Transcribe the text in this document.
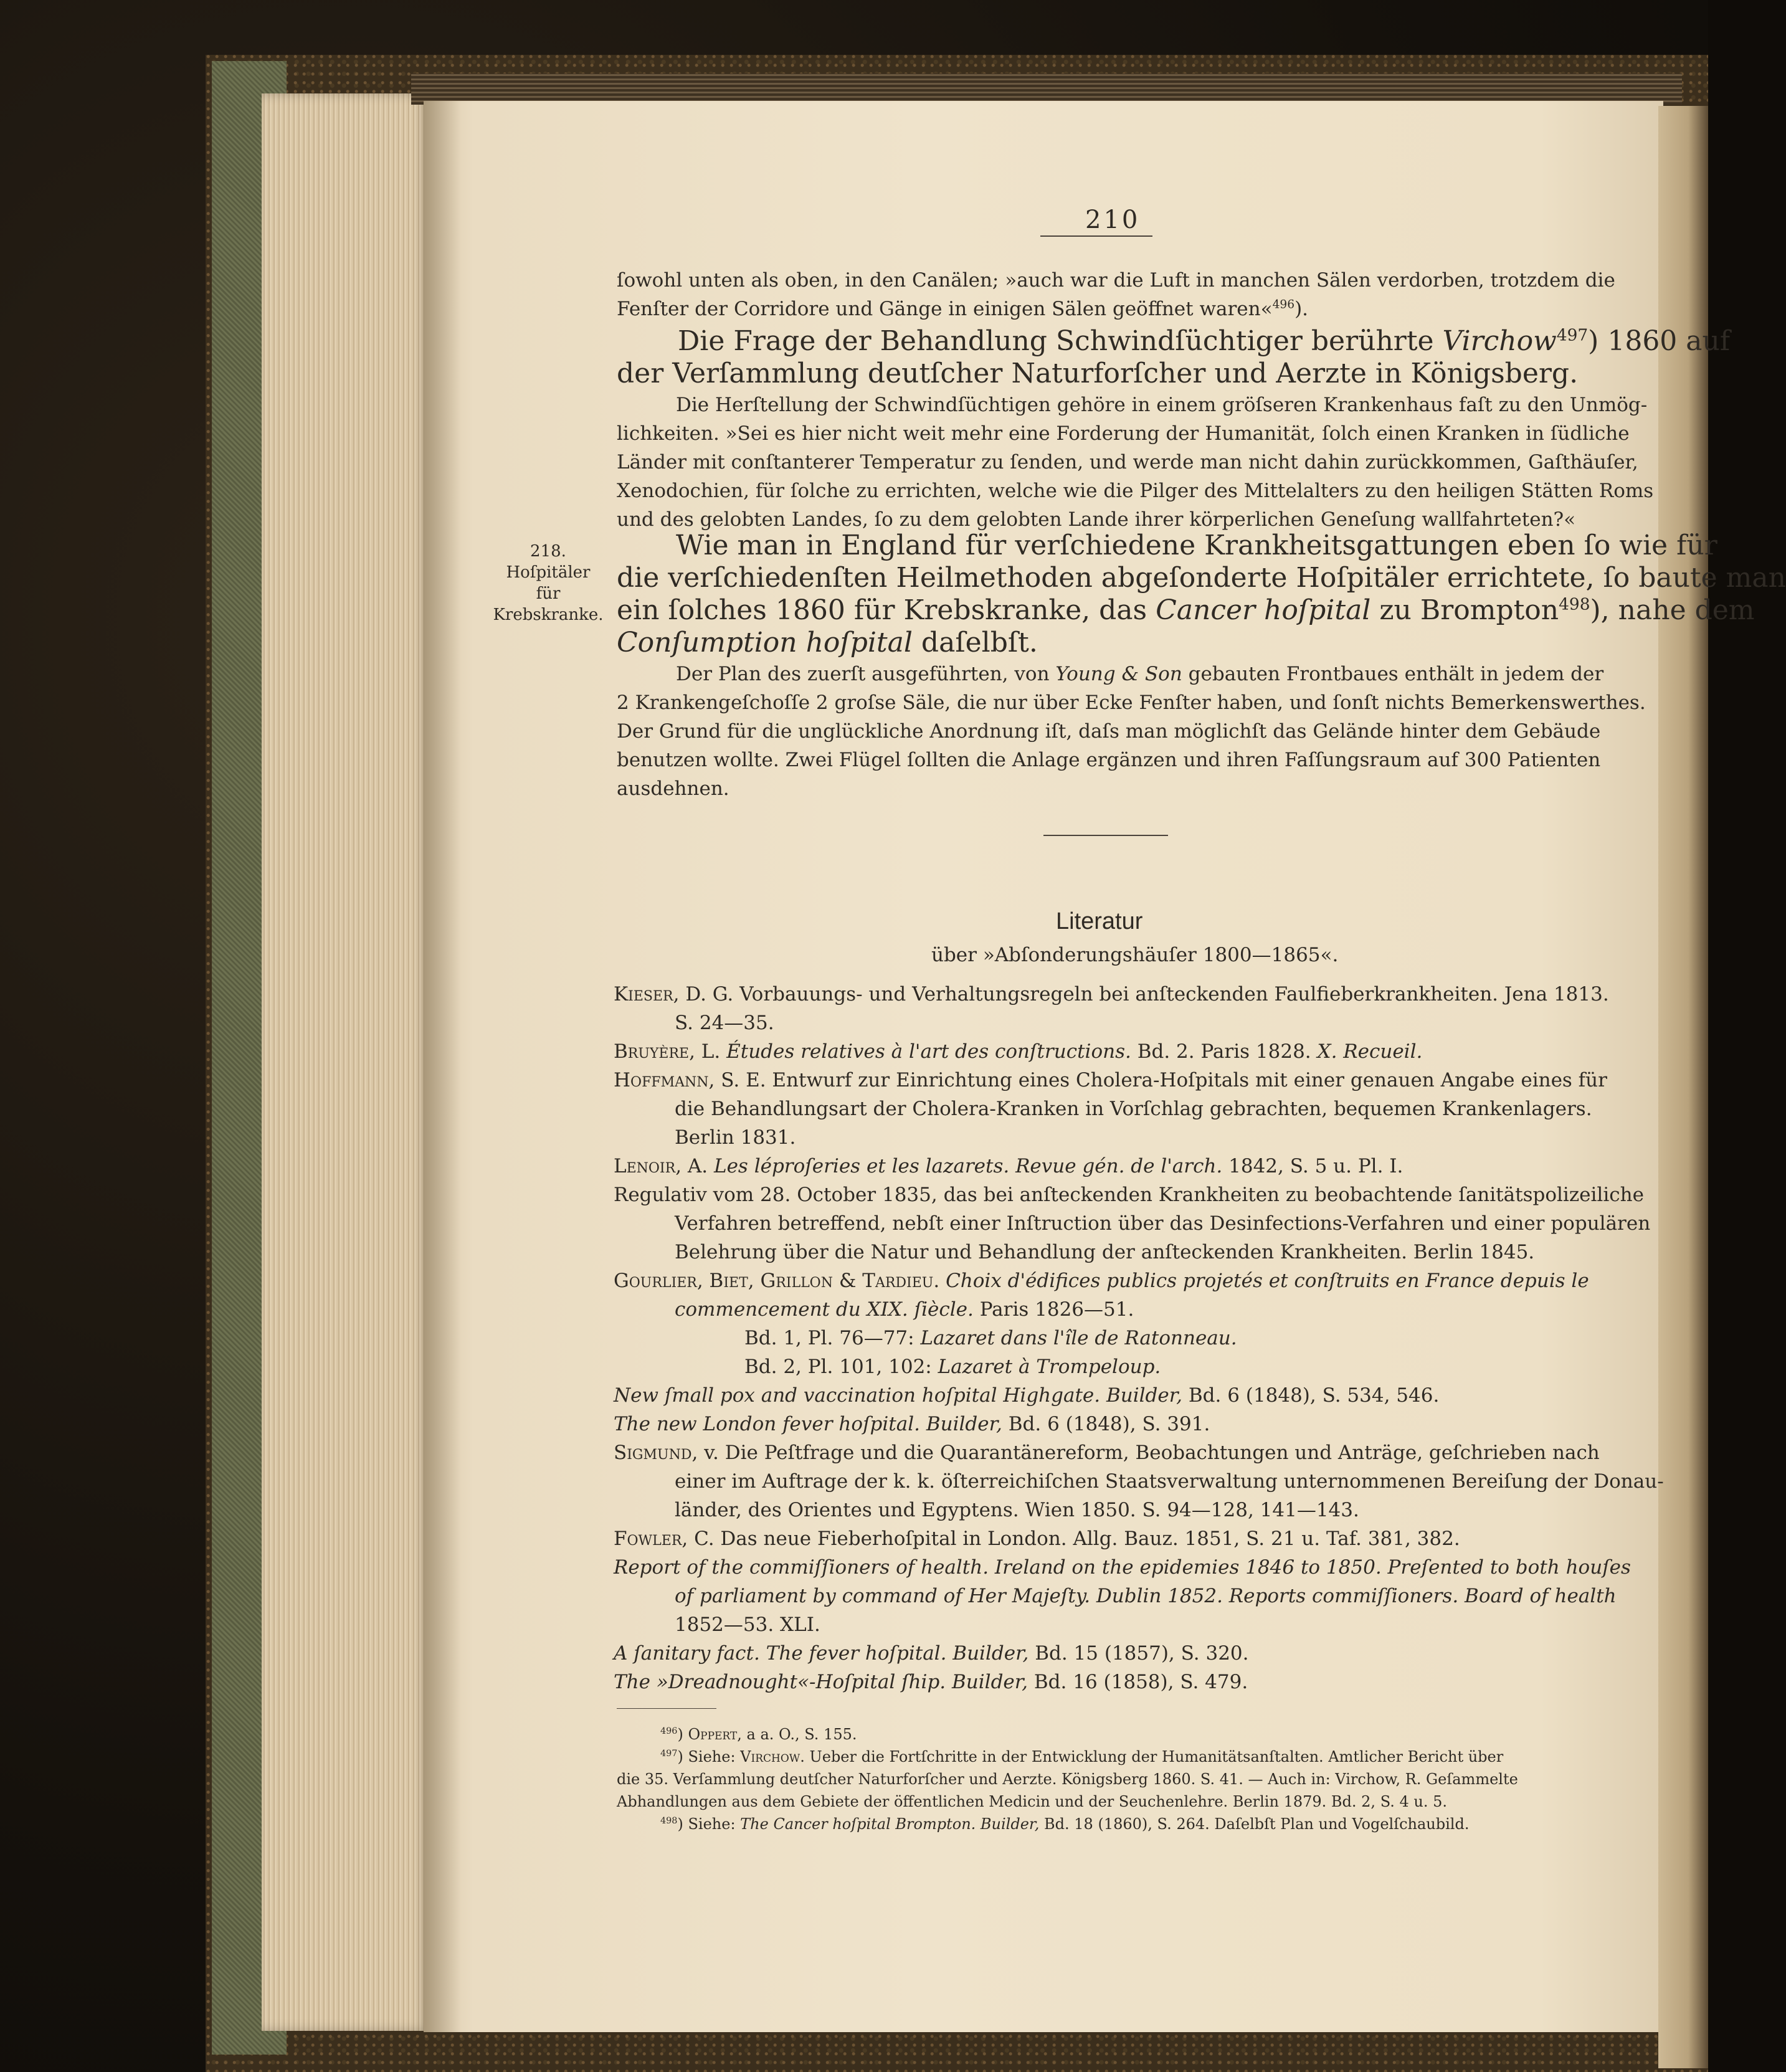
210
ſowohl unten als oben, in den Canälen; »auch war die Luft in manchen Sälen verdorben, trotzdem die
Fenſter der Corridore und Gänge in einigen Sälen geöffnet waren«$^{496}$).
Die Frage der Behandlung Schwindſüchtiger berührte Virchow$^{497}$) 1860 auf
der Verſammlung deutſcher Naturforſcher und Aerzte in Königsberg.
Die Herſtellung der Schwindſüchtigen gehöre in einem gröſseren Krankenhaus faſt zu den Unmög-
lichkeiten. »Sei es hier nicht weit mehr eine Forderung der Humanität, ſolch einen Kranken in ſüdliche
Länder mit conſtanterer Temperatur zu ſenden, und werde man nicht dahin zurückkommen, Gaſthäuſer,
Xenodochien, für ſolche zu errichten, welche wie die Pilger des Mittelalters zu den heiligen Stätten Roms
und des gelobten Landes, ſo zu dem gelobten Lande ihrer körperlichen Geneſung wallfahrteten?«
218.
Hoſpitäler
für
Krebskranke.
Wie man in England für verſchiedene Krankheitsgattungen eben ſo wie für
die verſchiedenſten Heilmethoden abgeſonderte Hoſpitäler errichtete, ſo baute man
ein ſolches 1860 für Krebskranke, das Cancer hoſpital zu Brompton$^{498}$), nahe dem
Conſumption hoſpital daſelbſt.
Der Plan des zuerſt ausgeführten, von Young & Son gebauten Frontbaues enthält in jedem der
2 Krankengeſchoſſe 2 groſse Säle, die nur über Ecke Fenſter haben, und ſonſt nichts Bemerkenswerthes.
Der Grund für die unglückliche Anordnung iſt, daſs man möglichſt das Gelände hinter dem Gebäude
benutzen wollte. Zwei Flügel ſollten die Anlage ergänzen und ihren Faſſungsraum auf 300 Patienten
ausdehnen.
Literatur
über »Abſonderungshäuſer 1800—1865«.
Kieser, D. G. Vorbauungs- und Verhaltungsregeln bei anſteckenden Faulfieberkrankheiten. Jena 1813.
S. 24—35.
Bruyère, L. Études relatives à l'art des conſtructions. Bd. 2. Paris 1828. X. Recueil.
Hoffmann, S. E. Entwurf zur Einrichtung eines Cholera-Hoſpitals mit einer genauen Angabe eines für
die Behandlungsart der Cholera-Kranken in Vorſchlag gebrachten, bequemen Krankenlagers.
Berlin 1831.
Lenoir, A. Les léproſeries et les lazarets. Revue gén. de l'arch. 1842, S. 5 u. Pl. I.
Regulativ vom 28. October 1835, das bei anſteckenden Krankheiten zu beobachtende ſanitätspolizeiliche
Verfahren betreffend, nebſt einer Inſtruction über das Desinfections-Verfahren und einer populären
Belehrung über die Natur und Behandlung der anſteckenden Krankheiten. Berlin 1845.
Gourlier, Biet, Grillon & Tardieu. Choix d'édifices publics projetés et conſtruits en France depuis le
commencement du XIX. ſiècle. Paris 1826—51.
Bd. 1, Pl. 76—77: Lazaret dans l'île de Ratonneau.
Bd. 2, Pl. 101, 102: Lazaret à Trompeloup.
New ſmall pox and vaccination hoſpital Highgate. Builder, Bd. 6 (1848), S. 534, 546.
The new London fever hoſpital. Builder, Bd. 6 (1848), S. 391.
Sigmund, v. Die Peſtfrage und die Quarantänereform, Beobachtungen und Anträge, geſchrieben nach
einer im Auftrage der k. k. öſterreichiſchen Staatsverwaltung unternommenen Bereiſung der Donau-
länder, des Orientes und Egyptens. Wien 1850. S. 94—128, 141—143.
Fowler, C. Das neue Fieberhoſpital in London. Allg. Bauz. 1851, S. 21 u. Taf. 381, 382.
Report of the commiſſioners of health. Ireland on the epidemies 1846 to 1850. Preſented to both houſes
of parliament by command of Her Majeſty. Dublin 1852. Reports commiſſioners. Board of health
1852—53. XLI.
A ſanitary fact. The fever hoſpital. Builder, Bd. 15 (1857), S. 320.
The »Dreadnought«-Hoſpital ſhip. Builder, Bd. 16 (1858), S. 479.
$^{496}$) Oppert, a a. O., S. 155.
$^{497}$) Siehe: Virchow. Ueber die Fortſchritte in der Entwicklung der Humanitätsanſtalten. Amtlicher Bericht über
die 35. Verſammlung deutſcher Naturforſcher und Aerzte. Königsberg 1860. S. 41. — Auch in: Virchow, R. Geſammelte
Abhandlungen aus dem Gebiete der öffentlichen Medicin und der Seuchenlehre. Berlin 1879. Bd. 2, S. 4 u. 5.
$^{498}$) Siehe: The Cancer hoſpital Brompton. Builder, Bd. 18 (1860), S. 264. Daſelbſt Plan und Vogelſchaubild.
